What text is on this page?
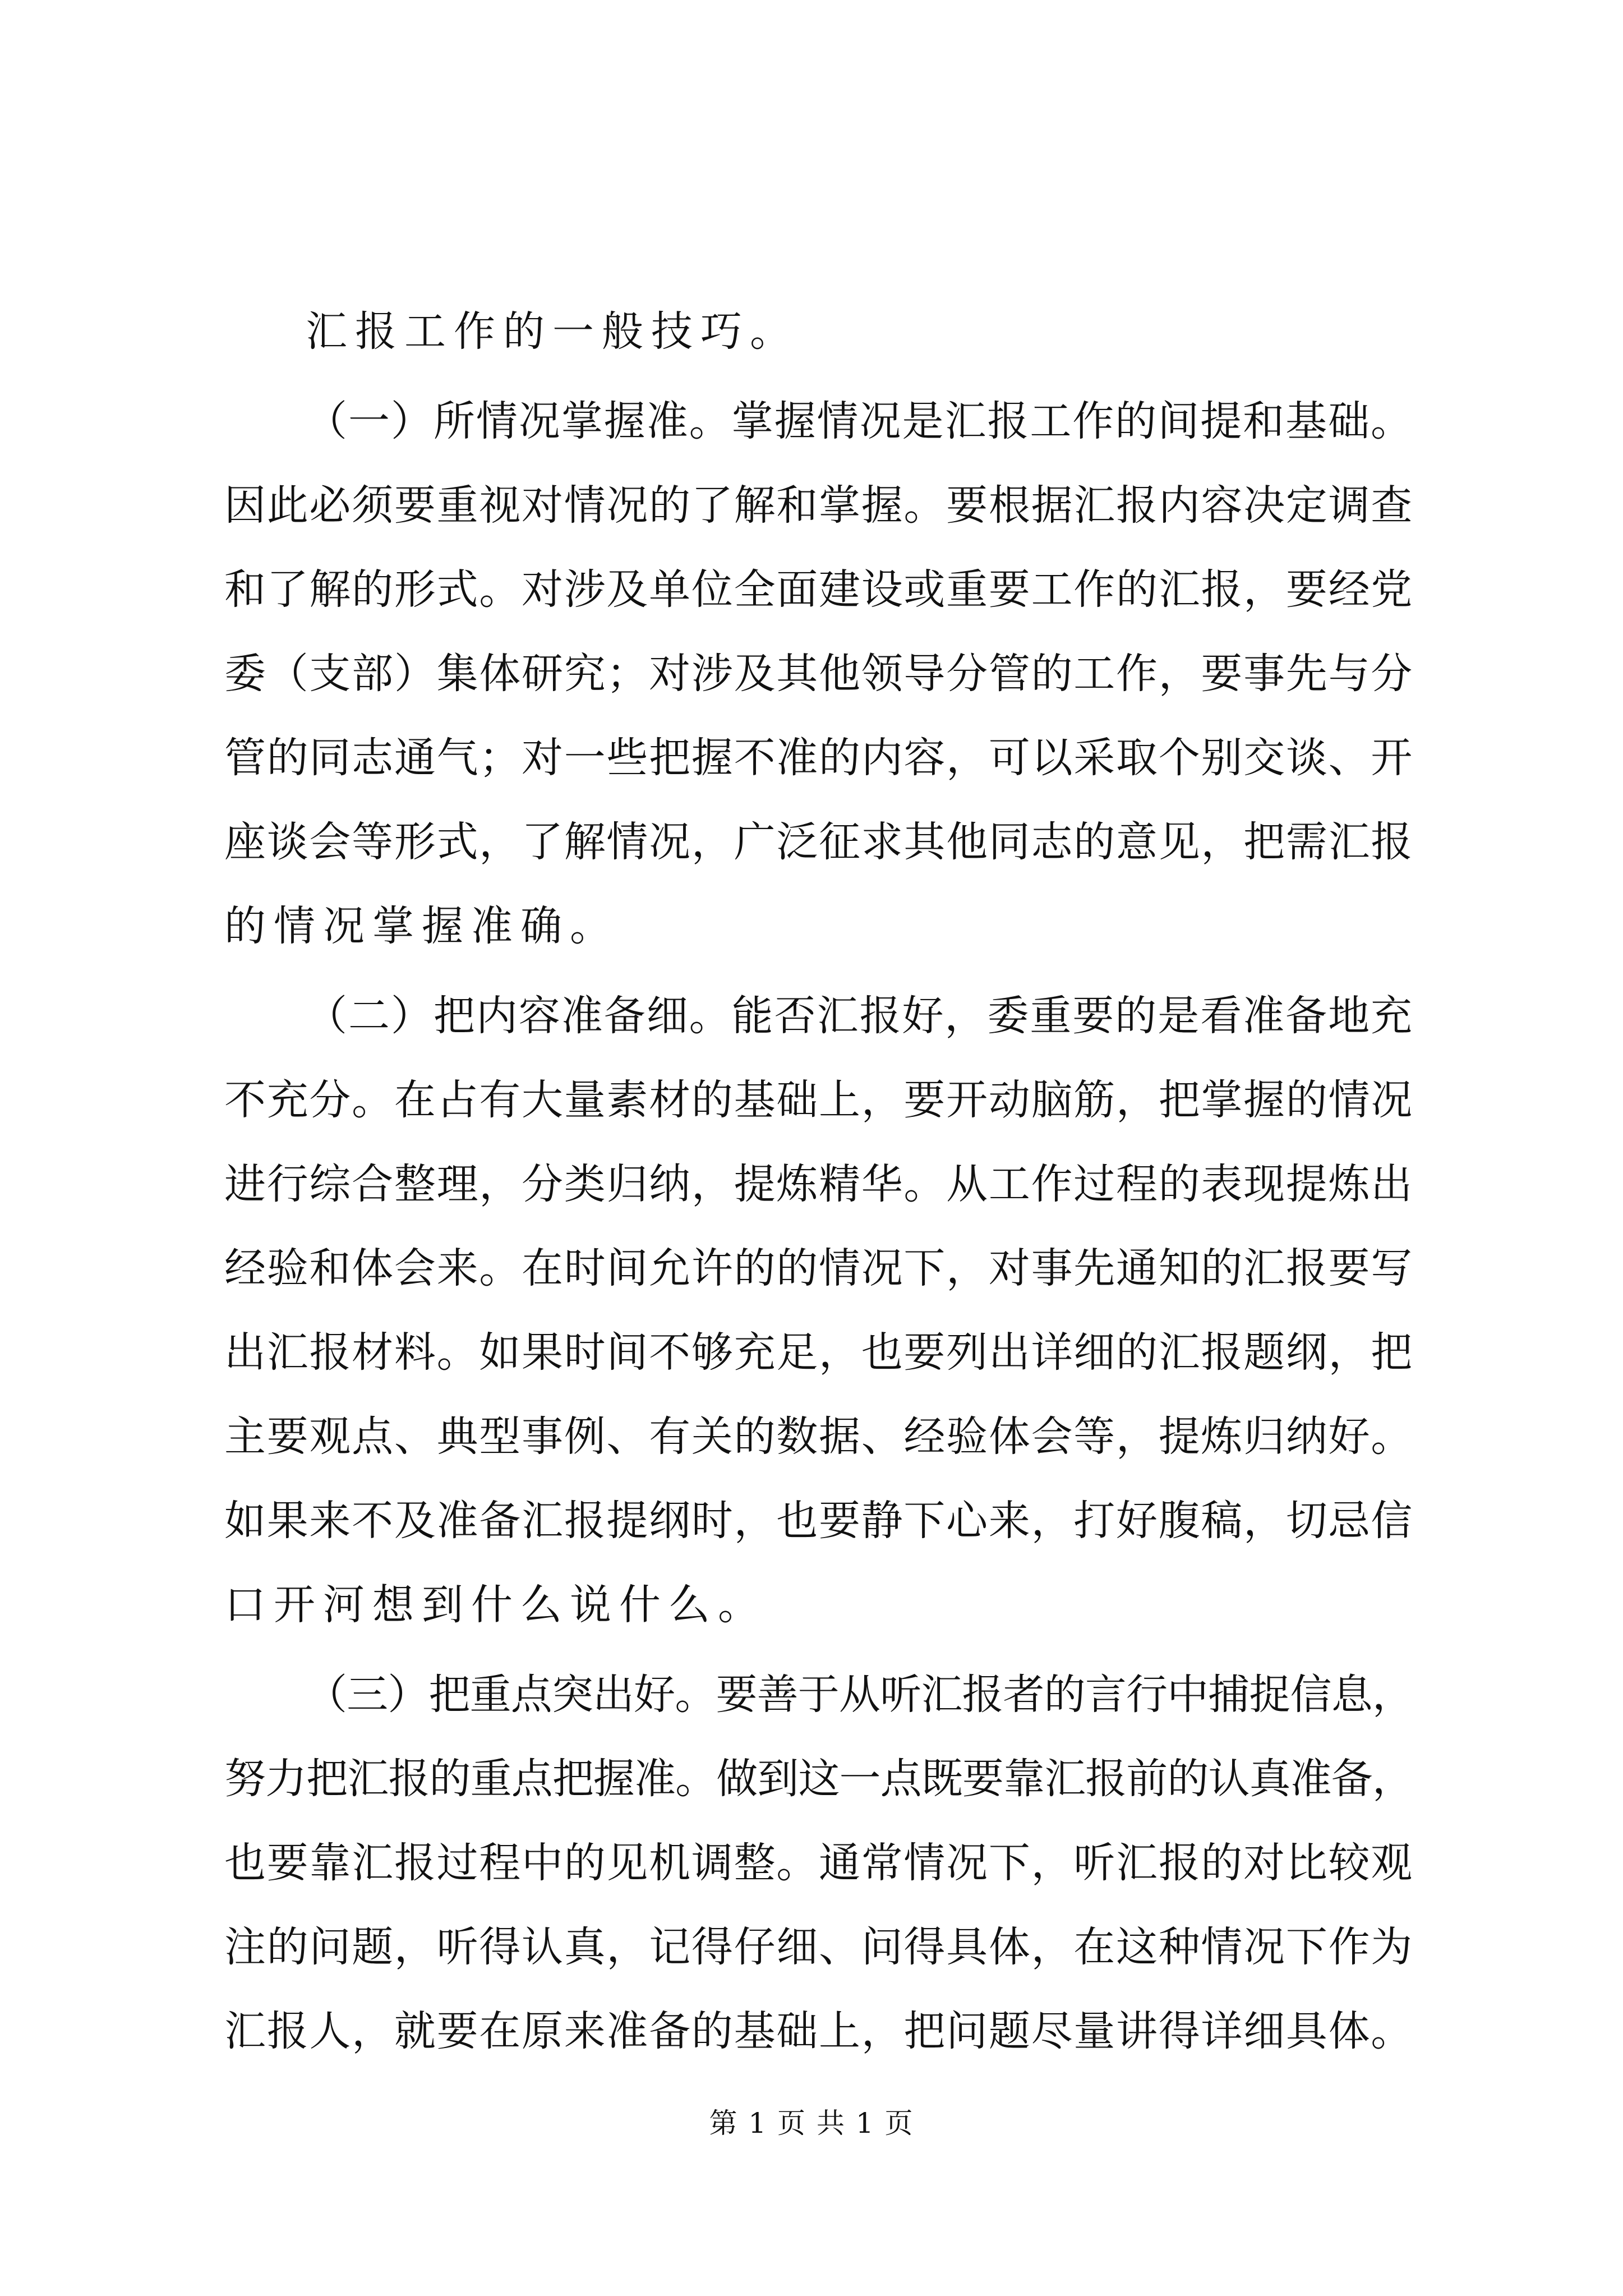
汇报工作的一般技巧。
（一）所情况掌握准。掌握情况是汇报工作的间提和基础。
因此必须要重视对情况的了解和掌握。要根据汇报内容决定调查
和了解的形式。对涉及单位全面建设或重要工作的汇报，要经党
委（支部）集体研究；对涉及其他领导分管的工作，要事先与分
管的同志通气；对一些把握不准的内容，可以采取个别交谈、开
座谈会等形式，了解情况，广泛征求其他同志的意见，把需汇报
的情况掌握准确。
（二）把内容准备细。能否汇报好，委重要的是看准备地充
不充分。在占有大量素材的基础上，要开动脑筋，把掌握的情况
进行综合整理，分类归纳，提炼精华。从工作过程的表现提炼出
经验和体会来。在时间允许的的情况下，对事先通知的汇报要写
出汇报材料。如果时间不够充足，也要列出详细的汇报题纲，把
主要观点、典型事例、有关的数据、经验体会等，提炼归纳好。
如果来不及准备汇报提纲时，也要静下心来，打好腹稿，切忌信
口开河想到什么说什么。
（三）把重点突出好。要善于从听汇报者的言行中捕捉信息，
努力把汇报的重点把握准。做到这一点既要靠汇报前的认真准备，
也要靠汇报过程中的见机调整。通常情况下，听汇报的对比较观
注的问题，听得认真，记得仔细、问得具体，在这种情况下作为
汇报人，就要在原来准备的基础上，把问题尽量讲得详细具体。
第 1 页 共 1 页
